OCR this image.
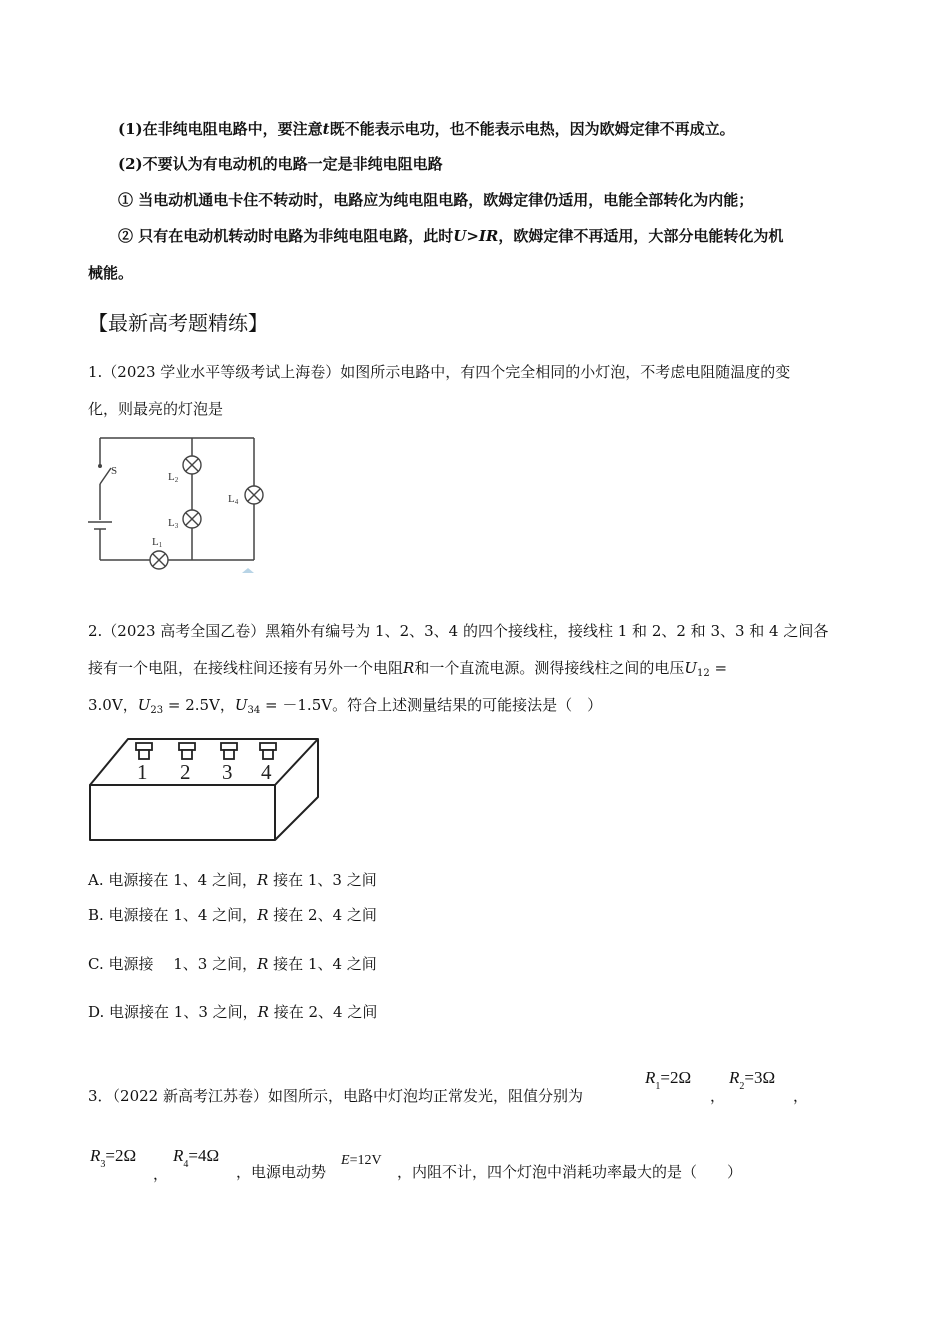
(1)在非纯电阻电路中，要注意t既不能表示电功，也不能表示电热，因为欧姆定律不再成立。
(2)不要认为有电动机的电路一定是非纯电阻电路
① 当电动机通电卡住不转动时，电路应为纯电阻电路，欧姆定律仍适用，电能全部转化为内能；
② 只有在电动机转动时电路为非纯电阻电路，此时U>IR，欧姆定律不再适用，大部分电能转化为机
械能。
【最新高考题精练】
1.（2023 学业水平等级考试上海卷）如图所示电路中，有四个完全相同的小灯泡，不考虑电阻随温度的变
化，则最亮的灯泡是
S	L2
L3
L4
L1
2.（2023 高考全国乙卷）黑箱外有编号为 1、2、3、4 的四个接线柱，接线柱 1 和 2、2 和 3、3 和 4 之间各
接有一个电阻，在接线柱间还接有另外一个电阻R和一个直流电源。测得接线柱之间的电压$U_{12}$ =
3.0V，$U_{23} = 2.5V$，$U_{34} = -1.5V$。符合上述测量结果的可能接法是（　）
1 2 3 4
A. 电源接在 1、4 之间，R 接在 1、3 之间
B. 电源接在 1、4 之间，R 接在 2、4 之间
C. 电源接　 1、3 之间，R 接在 1、4 之间
D. 电源接在 1、3 之间，R 接在 2、4 之间
3．（2022 新高考江苏卷）如图所示，电路中灯泡均正常发光，阻值分别为
$R_1=2\Omega$
，
$R_2=3\Omega$
，
$R_3=2\Omega$
，
$R_4=4\Omega$
，电源电动势
E=12V
，内阻不计，四个灯泡中消耗功率最大的是（　　）
